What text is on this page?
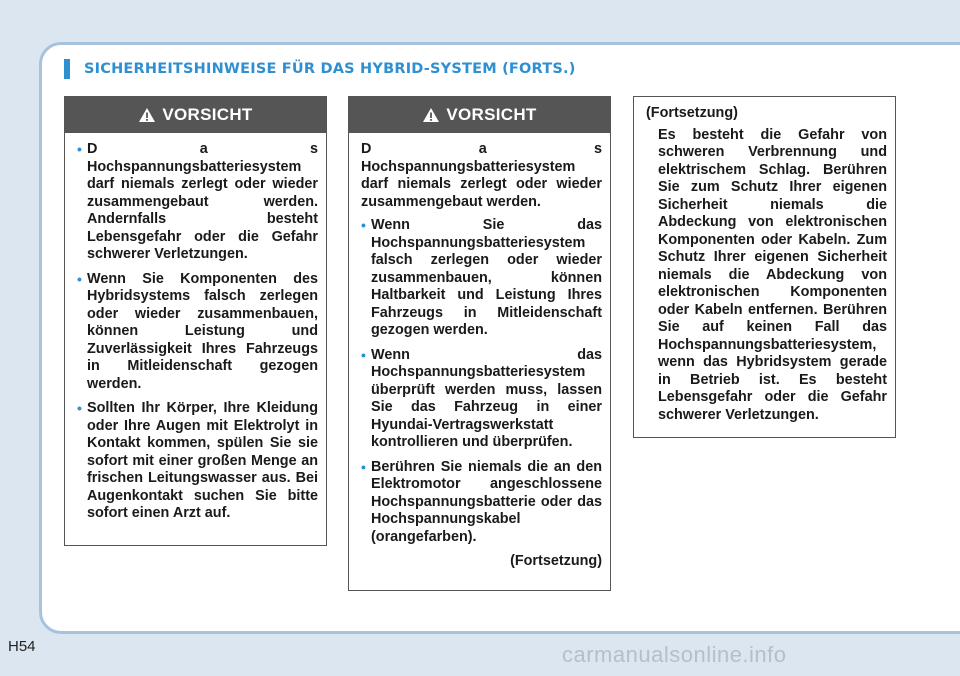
SICHERHEITSHINWEISE FÜR DAS HYBRID-SYSTEM (FORTS.)
VORSICHT
• D a s Hochspannungsbatteriesystem darf niemals zerlegt oder wieder zusammengebaut werden. Andernfalls besteht Lebensgefahr oder die Gefahr schwerer Verletzungen.
• Wenn Sie Komponenten des Hybridsystems falsch zerlegen oder wieder zusammenbauen, können Leistung und Zuverlässigkeit Ihres Fahrzeugs in Mitleidenschaft gezogen werden.
• Sollten Ihr Körper, Ihre Kleidung oder Ihre Augen mit Elektrolyt in Kontakt kommen, spülen Sie sie sofort mit einer großen Menge an frischen Leitungswasser aus. Bei Augenkontakt suchen Sie bitte sofort einen Arzt auf.
VORSICHT
D a s Hochspannungsbatteriesystem darf niemals zerlegt oder wieder zusammengebaut werden.
• Wenn Sie das Hochspannungsbatteriesystem falsch zerlegen oder wieder zusammenbauen, können Haltbarkeit und Leistung Ihres Fahrzeugs in Mitleidenschaft gezogen werden.
• Wenn das Hochspannungsbatteriesystem überprüft werden muss, lassen Sie das Fahrzeug in einer Hyundai-Vertragswerkstatt kontrollieren und überprüfen.
• Berühren Sie niemals die an den Elektromotor angeschlossene Hochspannungsbatterie oder das Hochspannungskabel (orangefarben).
(Fortsetzung)
(Fortsetzung)
Es besteht die Gefahr von schweren Verbrennung und elektrischem Schlag. Berühren Sie zum Schutz Ihrer eigenen Sicherheit niemals die Abdeckung von elektronischen Komponenten oder Kabeln. Zum Schutz Ihrer eigenen Sicherheit niemals die Abdeckung von elektronischen Komponenten oder Kabeln entfernen. Berühren Sie auf keinen Fall das Hochspannungsbatteriesystem, wenn das Hybridsystem gerade in Betrieb ist. Es besteht Lebensgefahr oder die Gefahr schwerer Verletzungen.
H54	carmanualsonline.info
